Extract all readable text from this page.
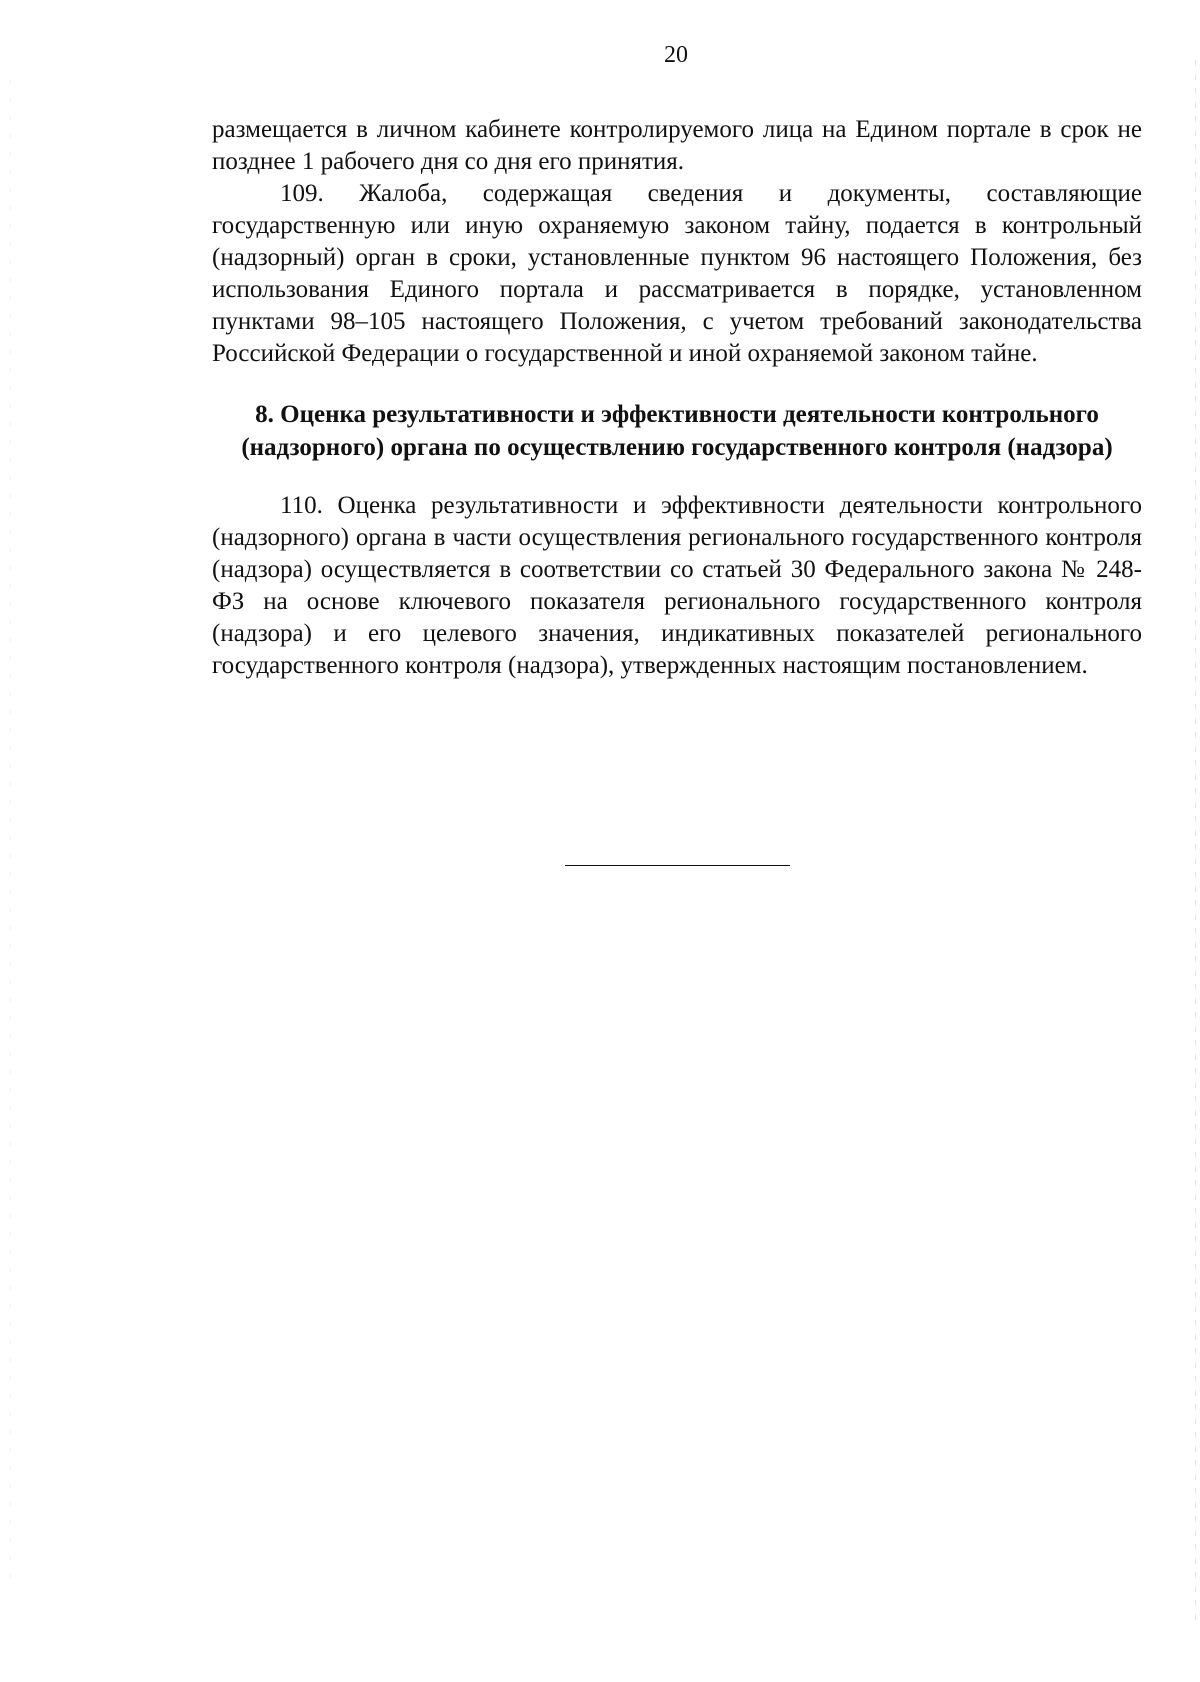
20

размещается в личном кабинете контролируемого лица на Едином портале в срок не позднее 1 рабочего дня со дня его принятия.

109. Жалоба, содержащая сведения и документы, составляющие государственную или иную охраняемую законом тайну, подается в контрольный (надзорный) орган в сроки, установленные пунктом 96 настоящего Положения, без использования Единого портала и рассматривается в порядке, установленном пунктами 98–105 настоящего Положения, с учетом требований законодательства Российской Федерации о государственной и иной охраняемой законом тайне.

8. Оценка результативности и эффективности деятельности контрольного (надзорного) органа по осуществлению государственного контроля (надзора)

110. Оценка результативности и эффективности деятельности контрольного (надзорного) органа в части осуществления регионального государственного контроля (надзора) осуществляется в соответствии со статьей 30 Федерального закона № 248-ФЗ на основе ключевого показателя регионального государственного контроля (надзора) и его целевого значения, индикативных показателей регионального государственного контроля (надзора), утвержденных настоящим постановлением.
